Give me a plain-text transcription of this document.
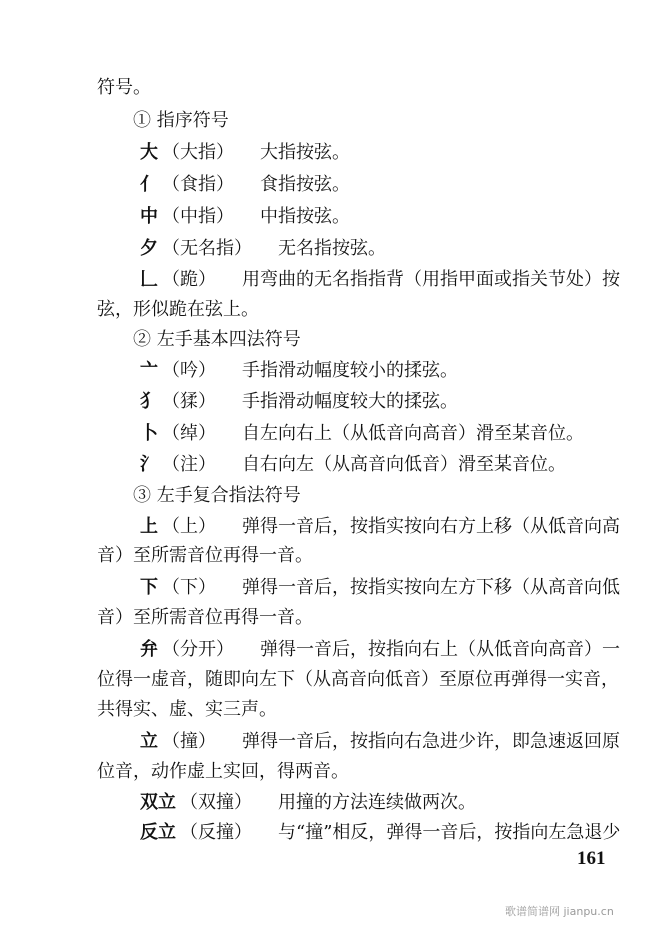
符号。
① 指序符号
大 （大指） 大指按弦。
亻 （食指） 食指按弦。
中 （中指） 中指按弦。
夕 （无名指） 无名指按弦。
𠃊 （跪） 用弯曲的无名指指背（用指甲面或指关节处）按
弦，形似跪在弦上。
② 左手基本四法符号
亠 （吟） 手指滑动幅度较小的揉弦。
犭 （猱） 手指滑动幅度较大的揉弦。
卜 （绰） 自左向右上（从低音向高音）滑至某音位。
氵 （注） 自右向左（从高音向低音）滑至某音位。
③ 左手复合指法符号
上 （上） 弹得一音后，按指实按向右方上移（从低音向高
音）至所需音位再得一音。
下 （下） 弹得一音后，按指实按向左方下移（从高音向低
音）至所需音位再得一音。
弁 （分开） 弹得一音后，按指向右上（从低音向高音）一
位得一虚音，随即向左下（从高音向低音）至原位再弹得一实音，
共得实、虚、实三声。
立 （撞） 弹得一音后，按指向右急进少许，即急速返回原
位音，动作虚上实回，得两音。
双立 （双撞） 用撞的方法连续做两次。
反立 （反撞） 与“撞”相反，弹得一音后，按指向左急退少
161
歌谱简谱网 jianpu.cn
